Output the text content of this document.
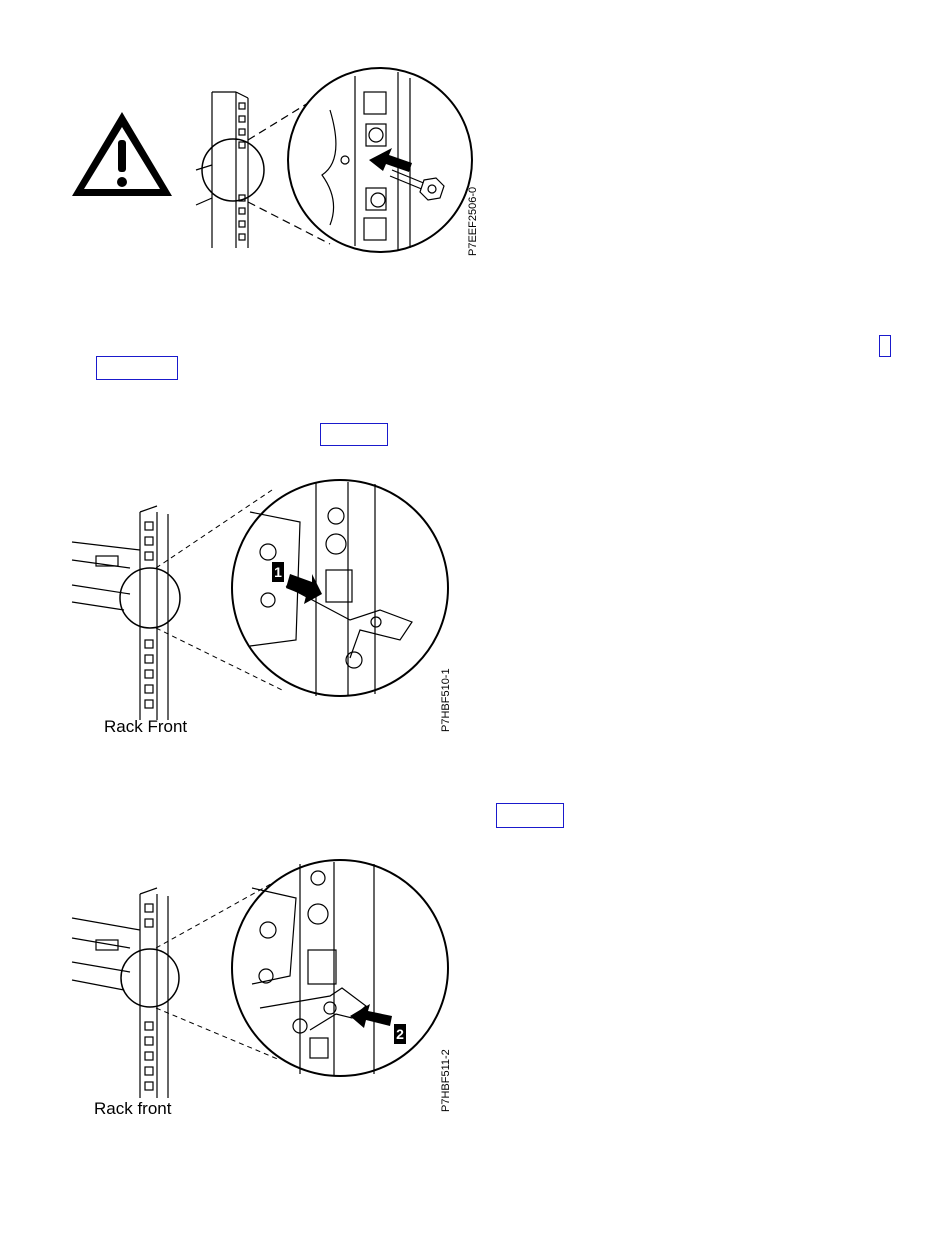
P7EEF2506-0
1
Rack Front	P7HBF510-1
2
Rack front	P7HBF511-2
